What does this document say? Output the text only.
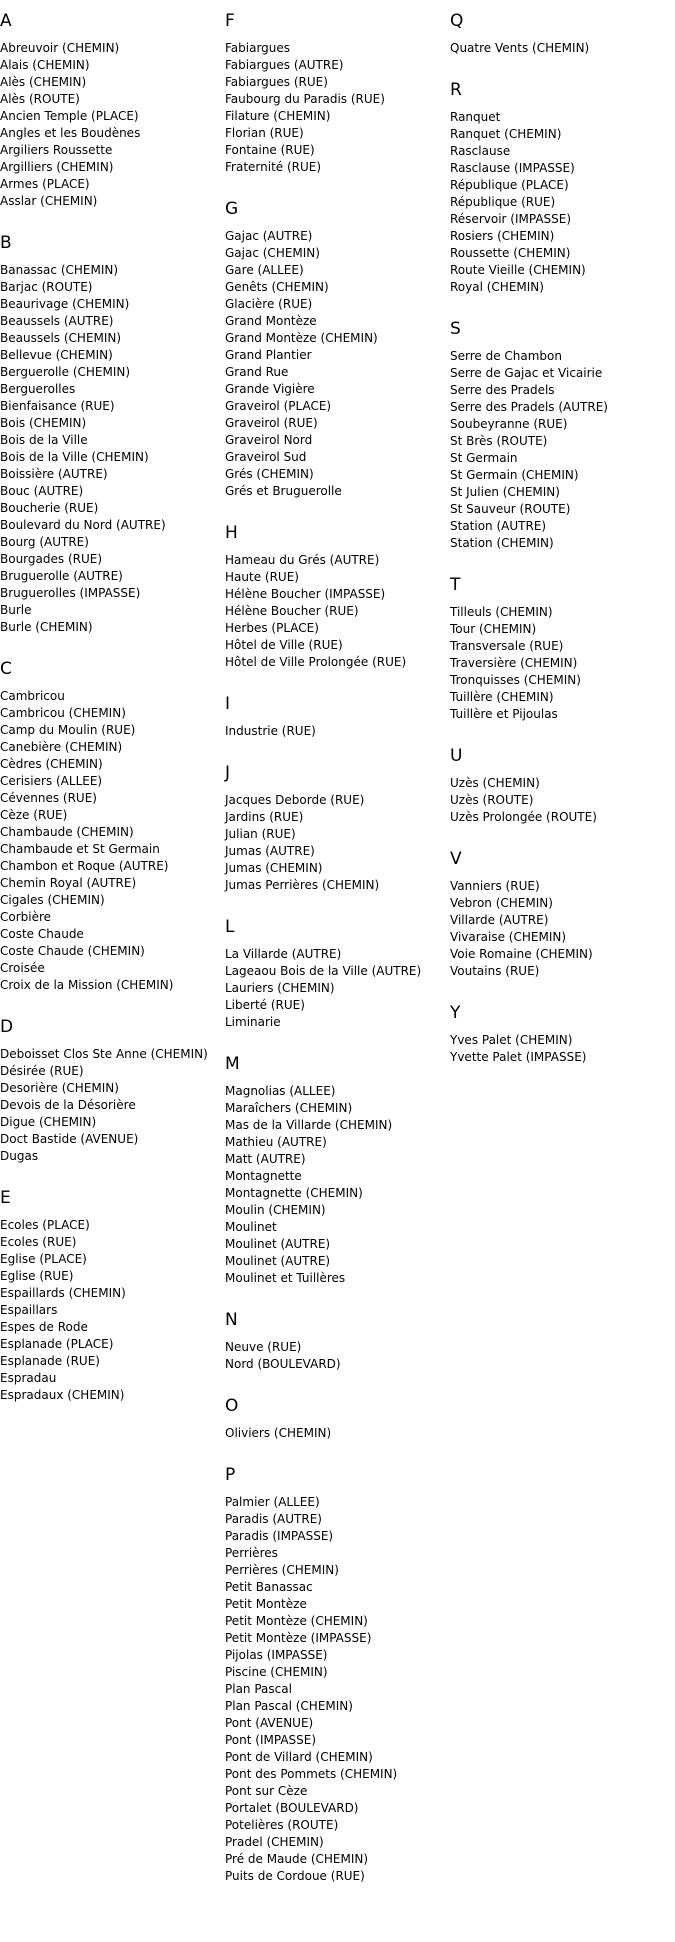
A
Abreuvoir (CHEMIN)
Alais (CHEMIN)
Alès (CHEMIN)
Alès (ROUTE)
Ancien Temple (PLACE)
Angles et les Boudènes
Argiliers Roussette
Argilliers (CHEMIN)
Armes (PLACE)
Asslar (CHEMIN)
B
Banassac (CHEMIN)
Barjac (ROUTE)
Beaurivage (CHEMIN)
Beaussels (AUTRE)
Beaussels (CHEMIN)
Bellevue (CHEMIN)
Berguerolle (CHEMIN)
Berguerolles
Bienfaisance (RUE)
Bois (CHEMIN)
Bois de la Ville
Bois de la Ville (CHEMIN)
Boissière (AUTRE)
Bouc (AUTRE)
Boucherie (RUE)
Boulevard du Nord (AUTRE)
Bourg (AUTRE)
Bourgades (RUE)
Bruguerolle (AUTRE)
Bruguerolles (IMPASSE)
Burle
Burle (CHEMIN)
C
Cambricou
Cambricou (CHEMIN)
Camp du Moulin (RUE)
Canebière (CHEMIN)
Cèdres (CHEMIN)
Cerisiers (ALLEE)
Cévennes (RUE)
Cèze (RUE)
Chambaude (CHEMIN)
Chambaude et St Germain
Chambon et Roque (AUTRE)
Chemin Royal (AUTRE)
Cigales (CHEMIN)
Corbière
Coste Chaude
Coste Chaude (CHEMIN)
Croisée
Croix de la Mission (CHEMIN)
D
Deboisset Clos Ste Anne (CHEMIN)
Désirée (RUE)
Desorière (CHEMIN)
Devois de la Désorière
Digue (CHEMIN)
Doct Bastide (AVENUE)
Dugas
E
Ecoles (PLACE)
Ecoles (RUE)
Eglise (PLACE)
Eglise (RUE)
Espaillards (CHEMIN)
Espaillars
Espes de Rode
Esplanade (PLACE)
Esplanade (RUE)
Espradau
Espradaux (CHEMIN)
F
Fabiargues
Fabiargues (AUTRE)
Fabiargues (RUE)
Faubourg du Paradis (RUE)
Filature (CHEMIN)
Florian (RUE)
Fontaine (RUE)
Fraternité (RUE)
G
Gajac (AUTRE)
Gajac (CHEMIN)
Gare (ALLEE)
Genêts (CHEMIN)
Glacière (RUE)
Grand Montèze
Grand Montèze (CHEMIN)
Grand Plantier
Grand Rue
Grande Vigière
Graveirol (PLACE)
Graveirol (RUE)
Graveirol Nord
Graveirol Sud
Grés (CHEMIN)
Grés et Bruguerolle
H
Hameau du Grés (AUTRE)
Haute (RUE)
Hélène Boucher (IMPASSE)
Hélène Boucher (RUE)
Herbes (PLACE)
Hôtel de Ville (RUE)
Hôtel de Ville Prolongée (RUE)
I
Industrie (RUE)
J
Jacques Deborde (RUE)
Jardins (RUE)
Julian (RUE)
Jumas (AUTRE)
Jumas (CHEMIN)
Jumas Perrières (CHEMIN)
L
La Villarde (AUTRE)
Lageaou Bois de la Ville (AUTRE)
Lauriers (CHEMIN)
Liberté (RUE)
Liminarie
M
Magnolias (ALLEE)
Maraîchers (CHEMIN)
Mas de la Villarde (CHEMIN)
Mathieu (AUTRE)
Matt (AUTRE)
Montagnette
Montagnette (CHEMIN)
Moulin (CHEMIN)
Moulinet
Moulinet (AUTRE)
Moulinet (AUTRE)
Moulinet et Tuillères
N
Neuve (RUE)
Nord (BOULEVARD)
O
Oliviers (CHEMIN)
P
Palmier (ALLEE)
Paradis (AUTRE)
Paradis (IMPASSE)
Perrières
Perrières (CHEMIN)
Petit Banassac
Petit Montèze
Petit Montèze (CHEMIN)
Petit Montèze (IMPASSE)
Pijolas (IMPASSE)
Piscine (CHEMIN)
Plan Pascal
Plan Pascal (CHEMIN)
Pont (AVENUE)
Pont (IMPASSE)
Pont de Villard (CHEMIN)
Pont des Pommets (CHEMIN)
Pont sur Cèze
Portalet (BOULEVARD)
Potelières (ROUTE)
Pradel (CHEMIN)
Pré de Maude (CHEMIN)
Puits de Cordoue (RUE)
Q
Quatre Vents (CHEMIN)
R
Ranquet
Ranquet (CHEMIN)
Rasclause
Rasclause (IMPASSE)
République (PLACE)
République (RUE)
Réservoir (IMPASSE)
Rosiers (CHEMIN)
Roussette (CHEMIN)
Route Vieille (CHEMIN)
Royal (CHEMIN)
S
Serre de Chambon
Serre de Gajac et Vicairie
Serre des Pradels
Serre des Pradels (AUTRE)
Soubeyranne (RUE)
St Brès (ROUTE)
St Germain
St Germain (CHEMIN)
St Julien (CHEMIN)
St Sauveur (ROUTE)
Station (AUTRE)
Station (CHEMIN)
T
Tilleuls (CHEMIN)
Tour (CHEMIN)
Transversale (RUE)
Traversière (CHEMIN)
Tronquisses (CHEMIN)
Tuillère (CHEMIN)
Tuillère et Pijoulas
U
Uzès (CHEMIN)
Uzès (ROUTE)
Uzès Prolongée (ROUTE)
V
Vanniers (RUE)
Vebron (CHEMIN)
Villarde (AUTRE)
Vivaraise (CHEMIN)
Voie Romaine (CHEMIN)
Voutains (RUE)
Y
Yves Palet (CHEMIN)
Yvette Palet (IMPASSE)
